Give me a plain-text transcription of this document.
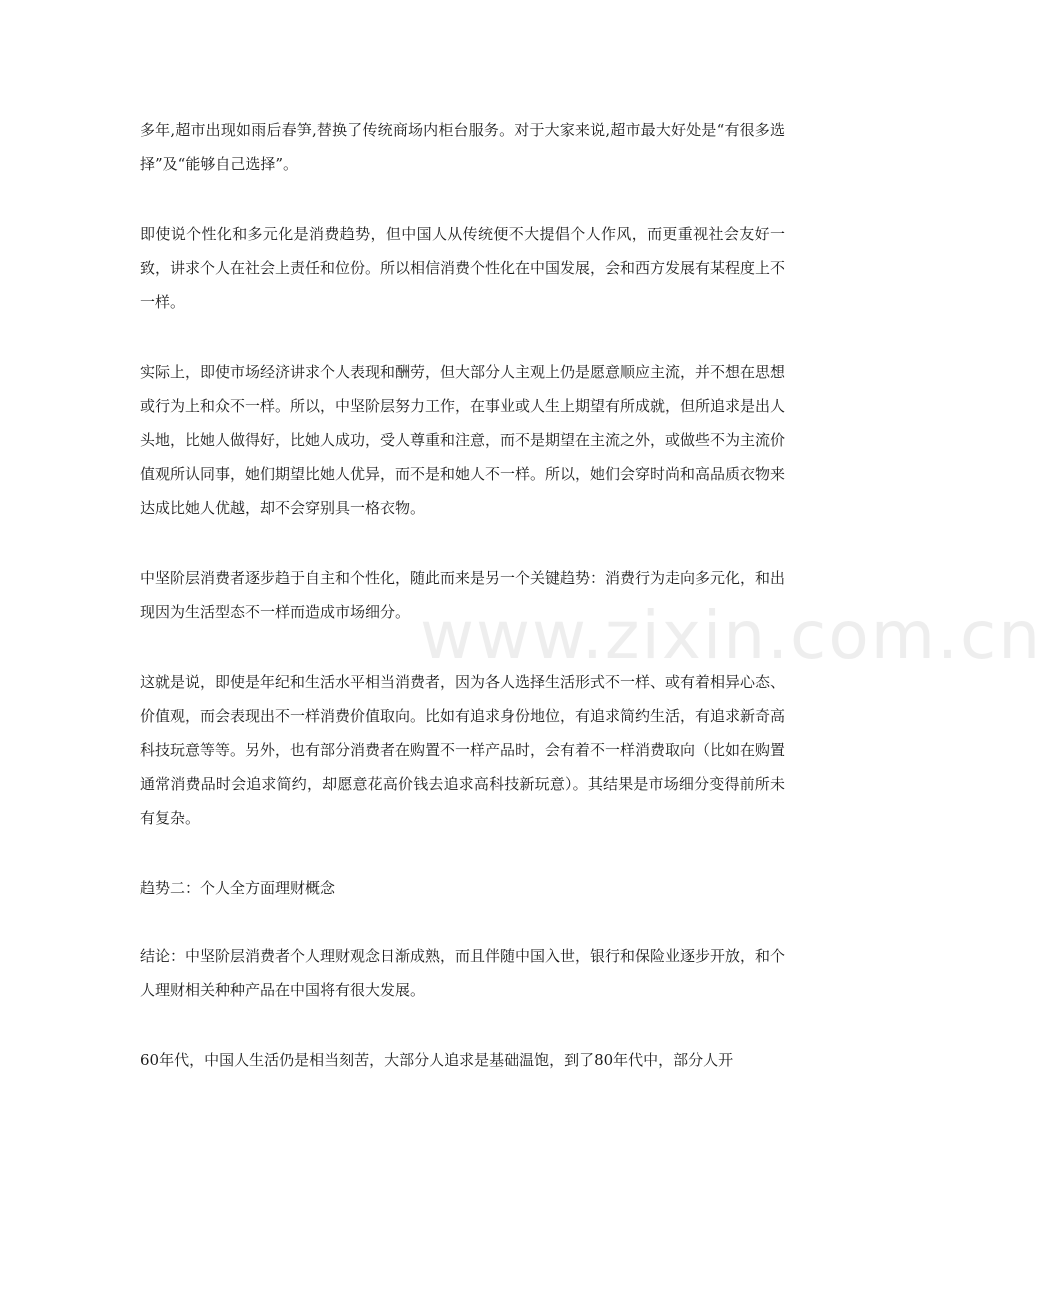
多年,超市出现如雨后春笋,替换了传统商场内柜台服务。对于大家来说,超市最大好处是“有很多选择”及“能够自己选择”。

即使说个性化和多元化是消费趋势，但中国人从传统便不大提倡个人作风，而更重视社会友好一致，讲求个人在社会上责任和位份。所以相信消费个性化在中国发展，会和西方发展有某程度上不一样。

实际上，即使市场经济讲求个人表现和酬劳，但大部分人主观上仍是愿意顺应主流，并不想在思想或行为上和众不一样。所以，中坚阶层努力工作，在事业或人生上期望有所成就，但所追求是出人头地，比她人做得好，比她人成功，受人尊重和注意，而不是期望在主流之外，或做些不为主流价值观所认同事，她们期望比她人优异，而不是和她人不一样。所以，她们会穿时尚和高品质衣物来达成比她人优越，却不会穿别具一格衣物。

中坚阶层消费者逐步趋于自主和个性化，随此而来是另一个关键趋势：消费行为走向多元化，和出现因为生活型态不一样而造成市场细分。

这就是说，即使是年纪和生活水平相当消费者，因为各人选择生活形式不一样、或有着相异心态、价值观，而会表现出不一样消费价值取向。比如有追求身份地位，有追求简约生活，有追求新奇高科技玩意等等。另外，也有部分消费者在购置不一样产品时，会有着不一样消费取向（比如在购置通常消费品时会追求简约，却愿意花高价钱去追求高科技新玩意）。其结果是市场细分变得前所未有复杂。

趋势二：个人全方面理财概念

结论：中坚阶层消费者个人理财观念日渐成熟，而且伴随中国入世，银行和保险业逐步开放，和个人理财相关种种产品在中国将有很大发展。

60年代，中国人生活仍是相当刻苦，大部分人追求是基础温饱，到了80年代中，部分人开

www.zixin.com.cn
